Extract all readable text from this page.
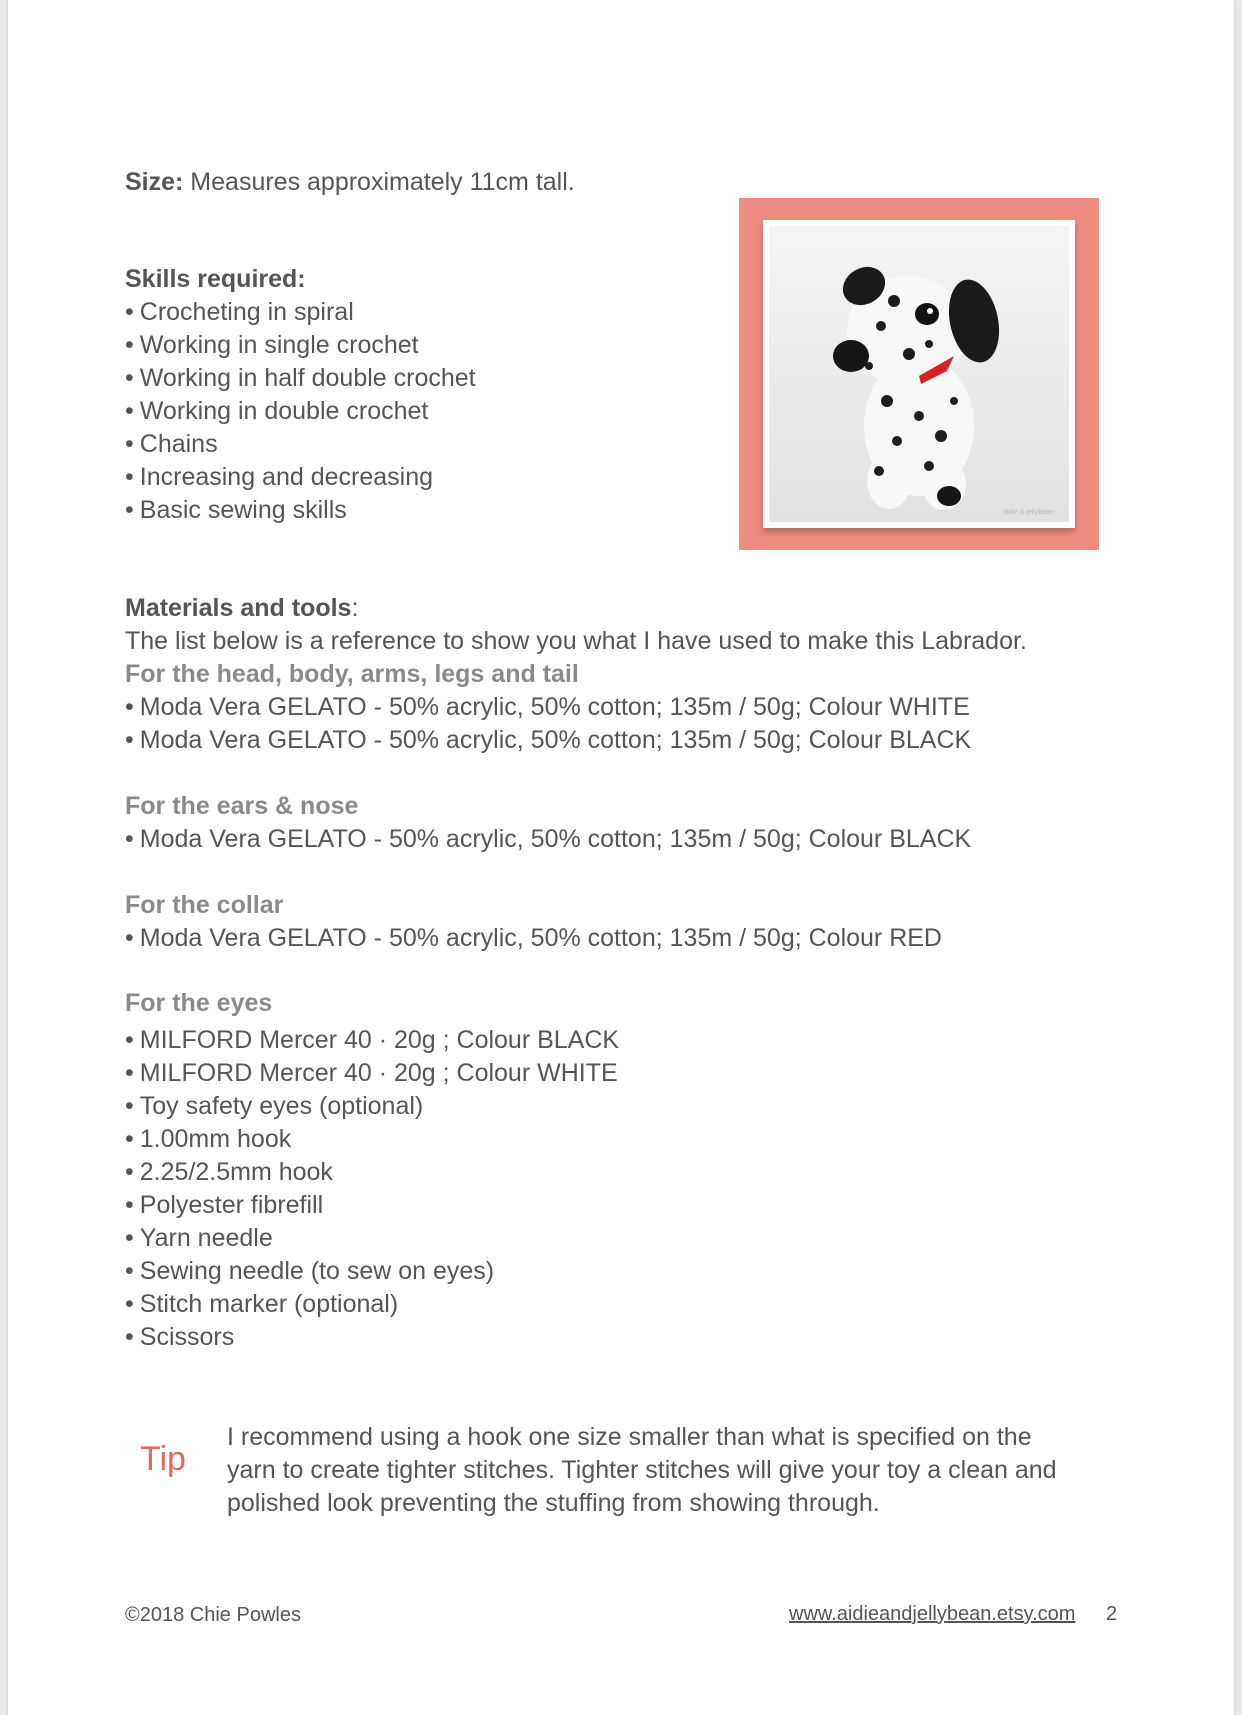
Size: Measures approximately 11cm tall.
Skills required:
• Crocheting in spiral
• Working in single crochet
• Working in half double crochet
• Working in double crochet
• Chains
• Increasing and decreasing
• Basic sewing skills	aidie & jellybean
Materials and tools:
The list below is a reference to show you what I have used to make this Labrador.
For the head, body, arms, legs and tail
• Moda Vera GELATO - 50% acrylic, 50% cotton; 135m / 50g; Colour WHITE
• Moda Vera GELATO - 50% acrylic, 50% cotton; 135m / 50g; Colour BLACK
For the ears & nose
• Moda Vera GELATO - 50% acrylic, 50% cotton; 135m / 50g; Colour BLACK
For the collar
• Moda Vera GELATO - 50% acrylic, 50% cotton; 135m / 50g; Colour RED
For the eyes
• MILFORD Mercer 40 · 20g ; Colour BLACK
• MILFORD Mercer 40 · 20g ; Colour WHITE
• Toy safety eyes (optional)
• 1.00mm hook
• 2.25/2.5mm hook
• Polyester fibrefill
• Yarn needle
• Sewing needle (to sew on eyes)
• Stitch marker (optional)
• Scissors
Tip
I recommend using a hook one size smaller than what is specified on the yarn to create tighter stitches. Tighter stitches will give your toy a clean and polished look preventing the stuffing from showing through.
©2018 Chie Powles	www.aidieandjellybean.etsy.com 2
